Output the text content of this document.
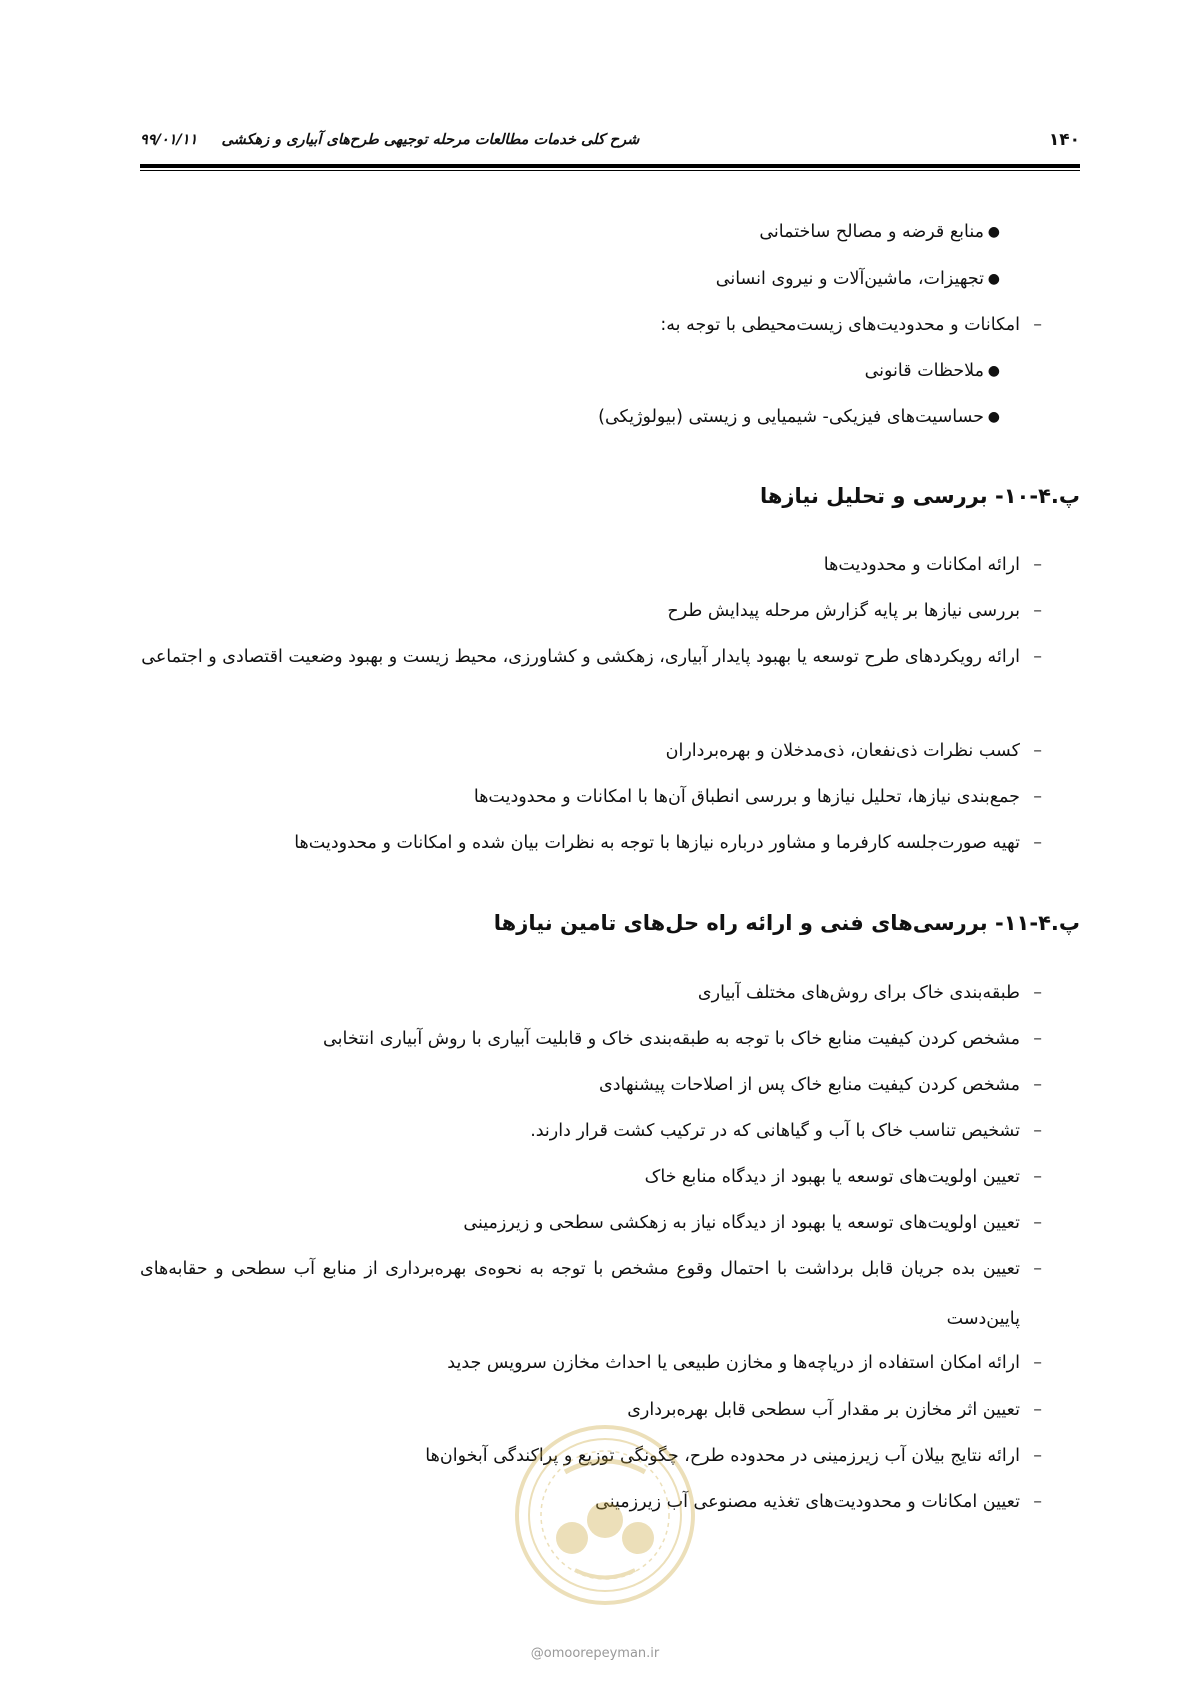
۱۴۰
شرح کلی خدمات مطالعات مرحله توجیهی طرح‌های آبیاری و زهکشی  ۹۹/۰۱/۱۱
●
منابع قرضه و مصالح ساختمانی
●
تجهیزات، ماشین‌آلات و نیروی انسانی
–
امکانات و محدودیت‌های زیست‌محیطی با توجه به:
●
ملاحظات قانونی
●
حساسیت‌های فیزیکی- شیمیایی و زیستی (بیولوژیکی)
پ.۴-۱۰- بررسی و تحلیل نیازها
–
ارائه امکانات و محدودیت‌ها
–
بررسی نیازها بر پایه گزارش مرحله پیدایش طرح
–
ارائه رویکردهای طرح توسعه یا بهبود پایدار آبیاری، زهکشی و کشاورزی، محیط زیست و بهبود وضعیت اقتصادی و اجتماعی
–
کسب نظرات ذی‌نفعان، ذی‌مدخلان و بهره‌برداران
–
جمع‌بندی نیازها، تحلیل نیازها و بررسی انطباق آن‌ها با امکانات و محدودیت‌ها
–
تهیه صورت‌جلسه کارفرما و مشاور درباره نیازها با توجه به نظرات بیان شده و امکانات و محدودیت‌ها
پ.۴-۱۱- بررسی‌های فنی و ارائه راه حل‌های تامین نیازها
–
طبقه‌بندی خاک برای روش‌های مختلف آبیاری
–
مشخص کردن کیفیت منابع خاک با توجه به طبقه‌بندی خاک و قابلیت آبیاری با روش آبیاری انتخابی
–
مشخص کردن کیفیت منابع خاک پس از اصلاحات پیشنهادی
–
تشخیص تناسب خاک با آب و گیاهانی که در ترکیب کشت قرار دارند.
–
تعیین اولویت‌های توسعه یا بهبود از دیدگاه منابع خاک
–
تعیین اولویت‌های توسعه یا بهبود از دیدگاه نیاز به زهکشی سطحی و زیرزمینی
–
تعیین بده جریان قابل برداشت با احتمال وقوع مشخص با توجه به نحوه‌ی بهره‌برداری از منابع آب سطحی و حقابه‌های پایین‌دست
–
ارائه امکان استفاده از دریاچه‌ها و مخازن طبیعی یا احداث مخازن سرویس جدید
–
تعیین اثر مخازن بر مقدار آب سطحی قابل بهره‌برداری
–
ارائه نتایج بیلان آب زیرزمینی در محدوده طرح، چگونگی توزیع و پراکندگی آبخوان‌ها
–
تعیین امکانات و محدودیت‌های تغذیه مصنوعی آب زیرزمینی
@omoorepeyman.ir
